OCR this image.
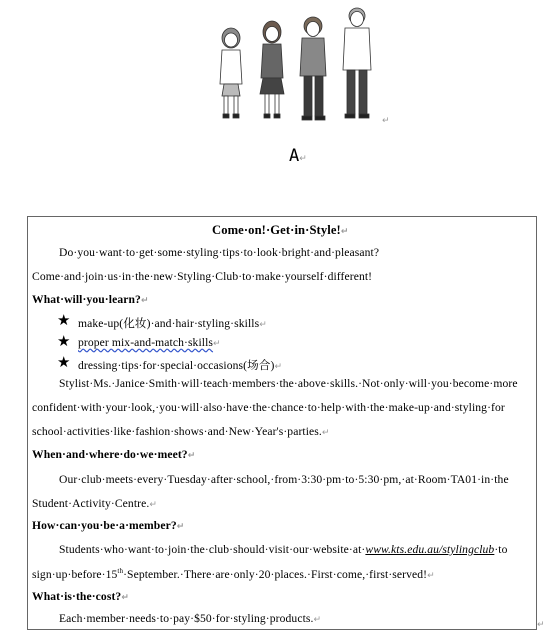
↵
A↵
Come·on!·Get·in·Style!↵
Do·you·want·to·get·some·styling·tips·to·look·bright·and·pleasant?
Come·and·join·us·in·the·new·Styling·Club·to·make·yourself·different!
What·will·you·learn?↵
★ make-up(化妆)·and·hair·styling·skills↵
★ proper mix-and-match·skills↵
★ dressing·tips·for·special·occasions(场合)↵
Stylist·Ms.·Janice·Smith·will·teach·members·the·above·skills.·Not·only·will·you·become·more
confident·with·your·look,·you·will·also·have·the·chance·to·help·with·the·make-up·and·styling·for
school·activities·like·fashion·shows·and·New·Year's·parties.↵
When·and·where·do·we·meet?↵
Our·club·meets·every·Tuesday·after·school,·from·3:30·pm·to·5:30·pm,·at·Room·TA01·in·the
Student·Activity·Centre.↵
How·can·you·be·a·member?↵
Students·who·want·to·join·the·club·should·visit·our·website·at·www.kts.edu.au/stylingclub·to
sign·up·before·15th·September.·There·are·only·20·places.·First·come,·first·served!↵
What·is·the·cost?↵
Each·member·needs·to·pay·$50·for·styling·products.↵	↵
